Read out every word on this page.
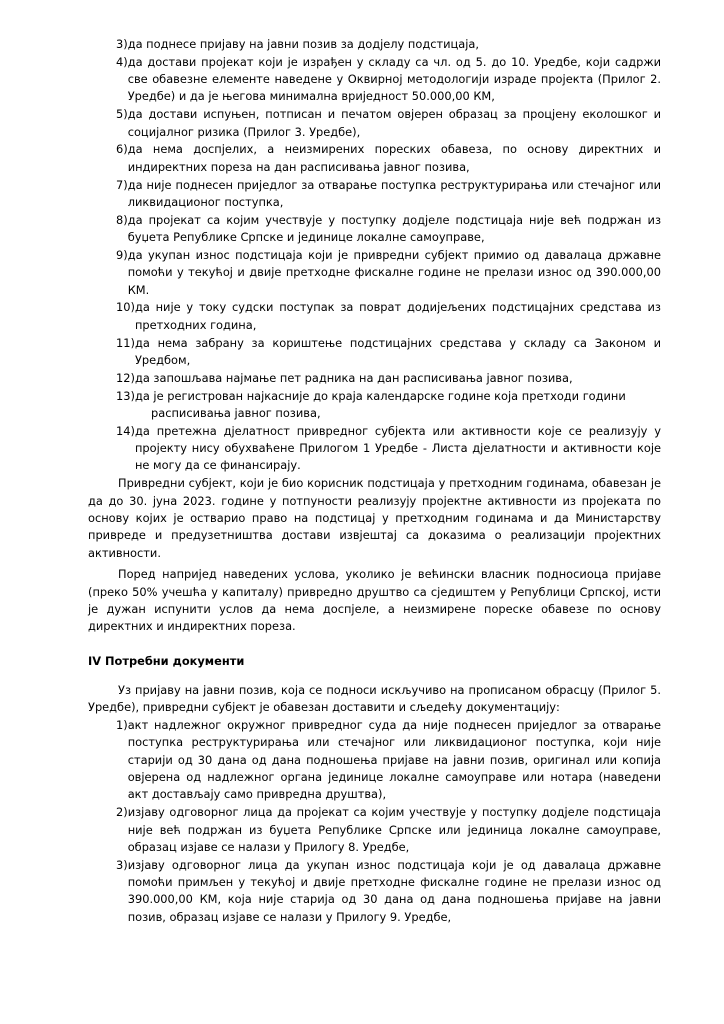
3) да поднесе пријаву на јавни позив за додјелу подстицаја,
4) да достави пројекат који је израђен у складу са чл. од 5. до 10. Уредбе, који садржи све обавезне елементе наведене у Оквирној методологији израде пројекта (Прилог 2. Уредбе) и да је његова минимална вриједност 50.000,00 КМ,
5) да достави испуњен, потписан и печатом овјерен образац за процјену еколошког и социјалног ризика (Прилог 3. Уредбе),
6) да нема доспјелих, а неизмирених пореских обавеза, по основу директних и индиректних пореза на дан расписивања јавног позива,
7) да није поднесен приједлог за отварање поступка реструктурирања или стечајног или ликвидационог поступка,
8) да пројекат са којим учествује у поступку додјеле подстицаја није већ подржан из буџета Републике Српске и јединице локалне самоуправе,
9) да укупан износ подстицаја који је привредни субјект примио од давалаца државне помоћи у текућој и двије претходне фискалне године не прелази износ од 390.000,00 КМ.
10) да није у току судски поступак за поврат додијељених подстицајних средстава из претходних година,
11) да нема забрану за кориштење подстицајних средстава у складу са Законом и Уредбом,
12) да запошљава најмање пет радника на дан расписивања јавног позива,
13) да је регистрован најкасније до краја календарске године која претходи години
расписивања јавног позива,
14) да претежна дјелатност привредног субјекта или активности које се реализују у пројекту нису обухваћене Прилогом 1 Уредбе - Листа дјелатности и активности које не могу да се финансирају.

Привредни субјект, који је био корисник подстицаја у претходним годинама, обавезан је да до 30. јуна 2023. године у потпуности реализују пројектне активности из пројеката по основу којих је остварио право на подстицај у претходним годинама и да Министарству привреде и предузетништва достави извјештај са доказима о реализацији пројектних активности.

Поред напријед наведених услова, уколико је већински власник подносиоца пријаве (преко 50% учешћа у капиталу) привредно друштво са сједиштем у Републици Српској, исти је дужан испунити услов да нема доспјеле, а неизмирене пореске обавезе по основу директних и индиректних пореза.

IV Потребни документи

Уз пријаву на јавни позив, која се подноси искључиво на прописаном обрасцу (Прилог 5. Уредбе), привредни субјект је обавезан доставити и сљедећу документацију:

1) акт надлежног окружног привредног суда да није поднесен приједлог за отварање поступка реструктурирања или стечајног или ликвидационог поступка, који није старији од 30 дана од дана подношења пријаве на јавни позив, оригинал или копија овјерена од надлежног органа јединице локалне самоуправе или нотара (наведени акт достављају само привредна друштва),
2) изјаву одговорног лица да пројекат са којим учествује у поступку додјеле подстицаја није већ подржан из буџета Републике Српске или јединица локалне самоуправе, образац изјаве се налази у Прилогу 8. Уредбе,
3) изјаву одговорног лица да укупан износ подстицаја који је од давалаца државне помоћи примљен у текућој и двије претходне фискалне године не прелази износ од 390.000,00 КМ, која није старија од 30 дана од дана подношења пријаве на јавни позив, образац изјаве се налази у Прилогу 9. Уредбе,
